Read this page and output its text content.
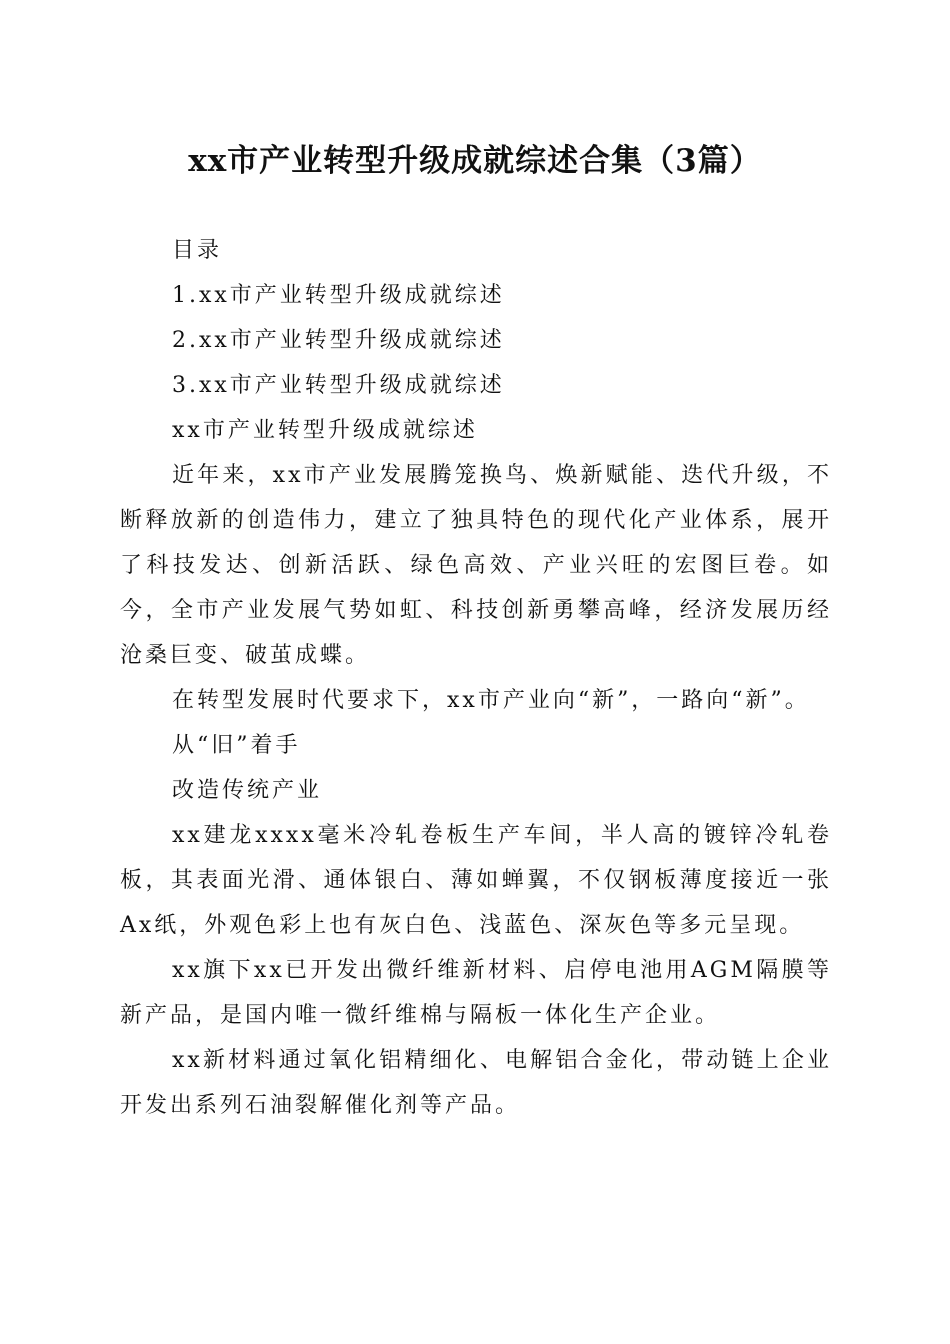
xx市产业转型升级成就综述合集（3篇）

目录

1.xx市产业转型升级成就综述

2.xx市产业转型升级成就综述

3.xx市产业转型升级成就综述

xx市产业转型升级成就综述

近年来，xx市产业发展腾笼换鸟、焕新赋能、迭代升级，不断释放新的创造伟力，建立了独具特色的现代化产业体系，展开了科技发达、创新活跃、绿色高效、产业兴旺的宏图巨卷。如今，全市产业发展气势如虹、科技创新勇攀高峰，经济发展历经沧桑巨变、破茧成蝶。

在转型发展时代要求下，xx市产业向“新”，一路向“新”。

从“旧”着手

改造传统产业

xx建龙xxxx毫米冷轧卷板生产车间，半人高的镀锌冷轧卷板，其表面光滑、通体银白、薄如蝉翼，不仅钢板薄度接近一张Ax纸，外观色彩上也有灰白色、浅蓝色、深灰色等多元呈现。

xx旗下xx已开发出微纤维新材料、启停电池用AGM隔膜等新产品，是国内唯一微纤维棉与隔板一体化生产企业。

xx新材料通过氧化铝精细化、电解铝合金化，带动链上企业开发出系列石油裂解催化剂等产品。
